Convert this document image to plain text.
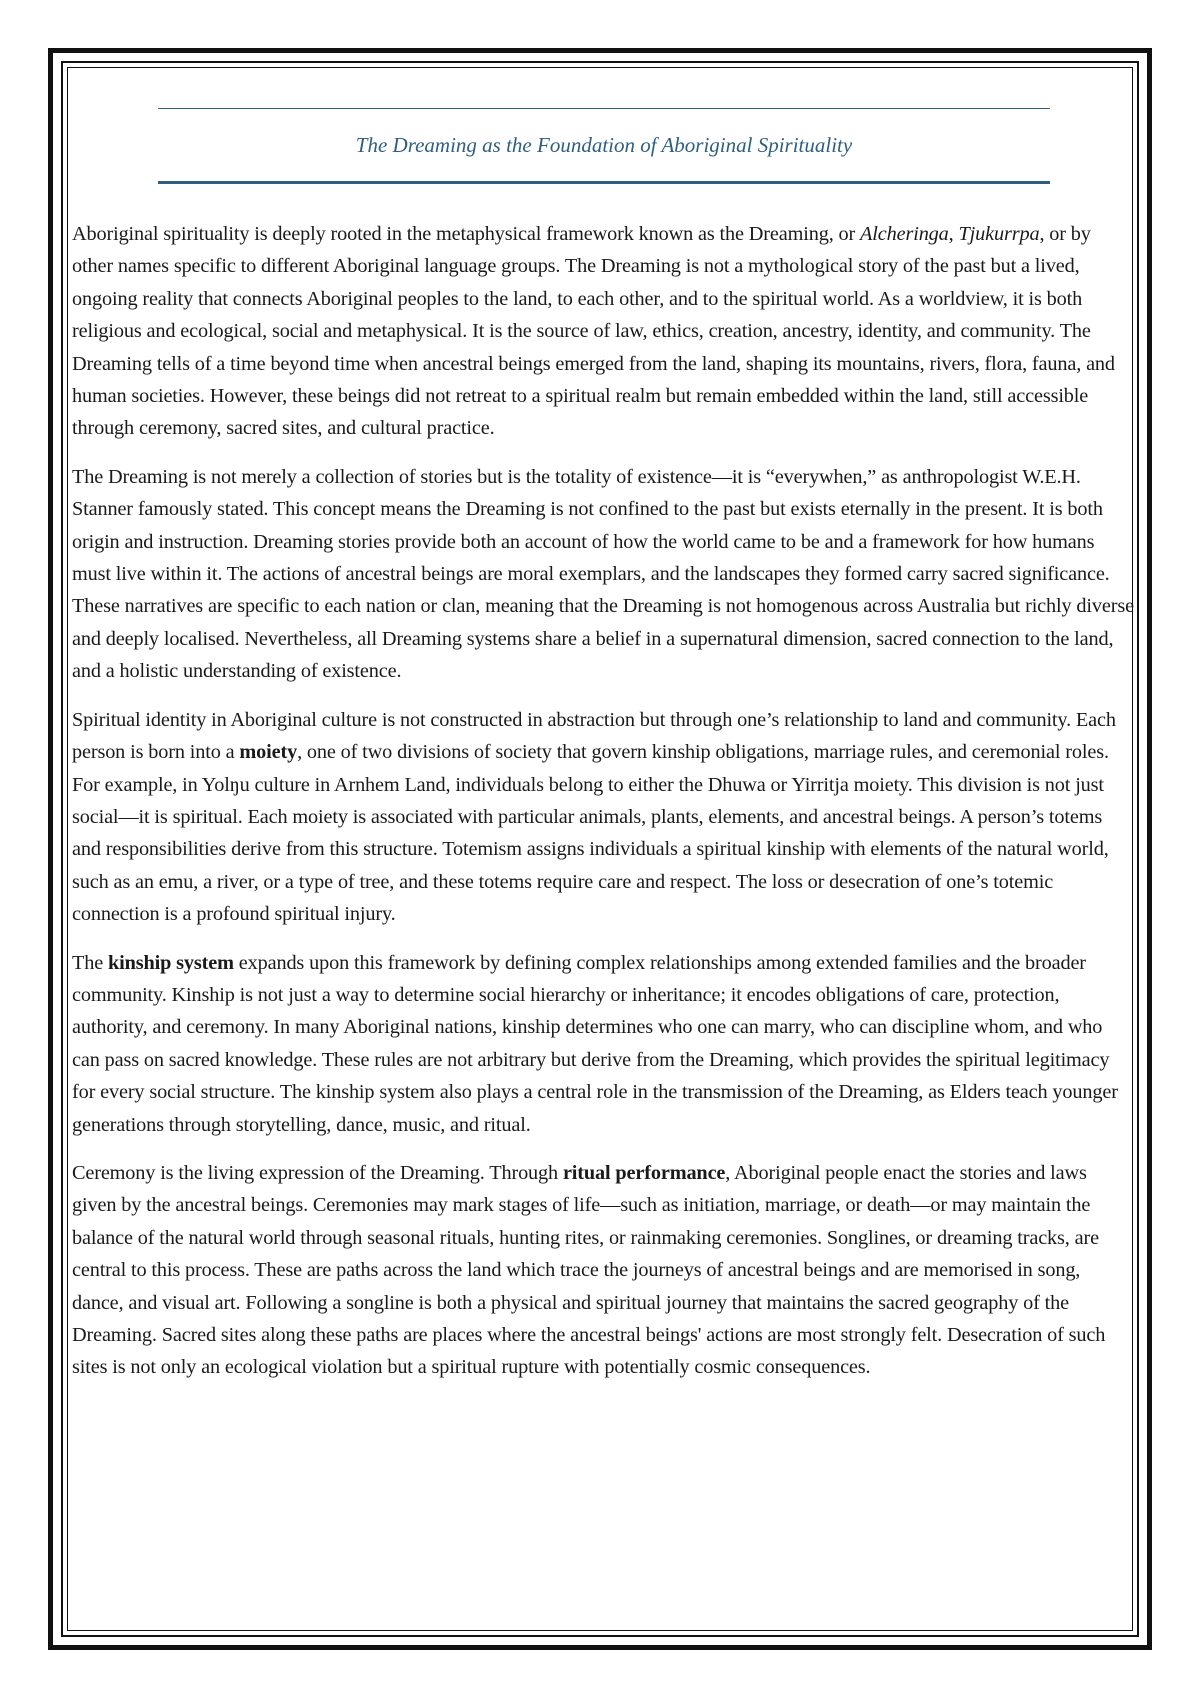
The Dreaming as the Foundation of Aboriginal Spirituality

Aboriginal spirituality is deeply rooted in the metaphysical framework known as the Dreaming, or Alcheringa, Tjukurrpa, or by other names specific to different Aboriginal language groups. The Dreaming is not a mythological story of the past but a lived, ongoing reality that connects Aboriginal peoples to the land, to each other, and to the spiritual world. As a worldview, it is both religious and ecological, social and metaphysical. It is the source of law, ethics, creation, ancestry, identity, and community. The Dreaming tells of a time beyond time when ancestral beings emerged from the land, shaping its mountains, rivers, flora, fauna, and human societies. However, these beings did not retreat to a spiritual realm but remain embedded within the land, still accessible through ceremony, sacred sites, and cultural practice.

The Dreaming is not merely a collection of stories but is the totality of existence—it is “everywhen,” as anthropologist W.E.H. Stanner famously stated. This concept means the Dreaming is not confined to the past but exists eternally in the present. It is both origin and instruction. Dreaming stories provide both an account of how the world came to be and a framework for how humans must live within it. The actions of ancestral beings are moral exemplars, and the landscapes they formed carry sacred significance. These narratives are specific to each nation or clan, meaning that the Dreaming is not homogenous across Australia but richly diverse and deeply localised. Nevertheless, all Dreaming systems share a belief in a supernatural dimension, sacred connection to the land, and a holistic understanding of existence.

Spiritual identity in Aboriginal culture is not constructed in abstraction but through one’s relationship to land and community. Each person is born into a moiety, one of two divisions of society that govern kinship obligations, marriage rules, and ceremonial roles. For example, in Yolŋu culture in Arnhem Land, individuals belong to either the Dhuwa or Yirritja moiety. This division is not just social—it is spiritual. Each moiety is associated with particular animals, plants, elements, and ancestral beings. A person’s totems and responsibilities derive from this structure. Totemism assigns individuals a spiritual kinship with elements of the natural world, such as an emu, a river, or a type of tree, and these totems require care and respect. The loss or desecration of one’s totemic connection is a profound spiritual injury.

The kinship system expands upon this framework by defining complex relationships among extended families and the broader community. Kinship is not just a way to determine social hierarchy or inheritance; it encodes obligations of care, protection, authority, and ceremony. In many Aboriginal nations, kinship determines who one can marry, who can discipline whom, and who can pass on sacred knowledge. These rules are not arbitrary but derive from the Dreaming, which provides the spiritual legitimacy for every social structure. The kinship system also plays a central role in the transmission of the Dreaming, as Elders teach younger generations through storytelling, dance, music, and ritual.

Ceremony is the living expression of the Dreaming. Through ritual performance, Aboriginal people enact the stories and laws given by the ancestral beings. Ceremonies may mark stages of life—such as initiation, marriage, or death—or may maintain the balance of the natural world through seasonal rituals, hunting rites, or rainmaking ceremonies. Songlines, or dreaming tracks, are central to this process. These are paths across the land which trace the journeys of ancestral beings and are memorised in song, dance, and visual art. Following a songline is both a physical and spiritual journey that maintains the sacred geography of the Dreaming. Sacred sites along these paths are places where the ancestral beings' actions are most strongly felt. Desecration of such sites is not only an ecological violation but a spiritual rupture with potentially cosmic consequences.
